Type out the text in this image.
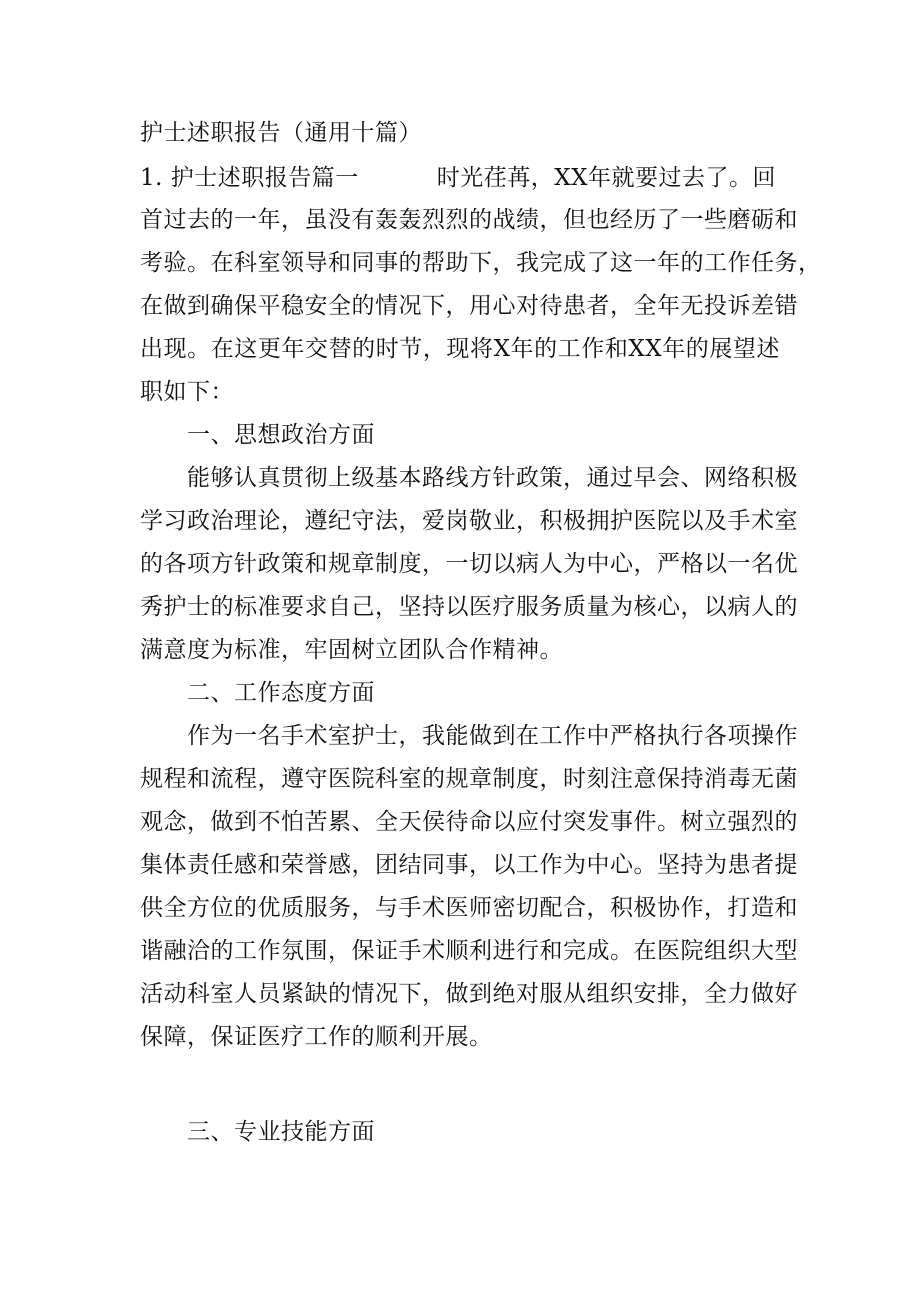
护士述职报告（通用十篇）
1. 护士述职报告篇一	时光荏苒，XX年就要过去了。回
首过去的一年，虽没有轰轰烈烈的战绩，但也经历了一些磨砺和
考验。在科室领导和同事的帮助下，我完成了这一年的工作任务，
在做到确保平稳安全的情况下，用心对待患者，全年无投诉差错
出现。在这更年交替的时节，现将X年的工作和XX年的展望述
职如下：
一、思想政治方面
能够认真贯彻上级基本路线方针政策，通过早会、网络积极
学习政治理论，遵纪守法，爱岗敬业，积极拥护医院以及手术室
的各项方针政策和规章制度，一切以病人为中心，严格以一名优
秀护士的标准要求自己，坚持以医疗服务质量为核心，以病人的
满意度为标准，牢固树立团队合作精神。
二、工作态度方面
作为一名手术室护士，我能做到在工作中严格执行各项操作
规程和流程，遵守医院科室的规章制度，时刻注意保持消毒无菌
观念，做到不怕苦累、全天侯待命以应付突发事件。树立强烈的
集体责任感和荣誉感，团结同事，以工作为中心。坚持为患者提
供全方位的优质服务，与手术医师密切配合，积极协作，打造和
谐融洽的工作氛围，保证手术顺利进行和完成。在医院组织大型
活动科室人员紧缺的情况下，做到绝对服从组织安排，全力做好
保障，保证医疗工作的顺利开展。
三、专业技能方面
